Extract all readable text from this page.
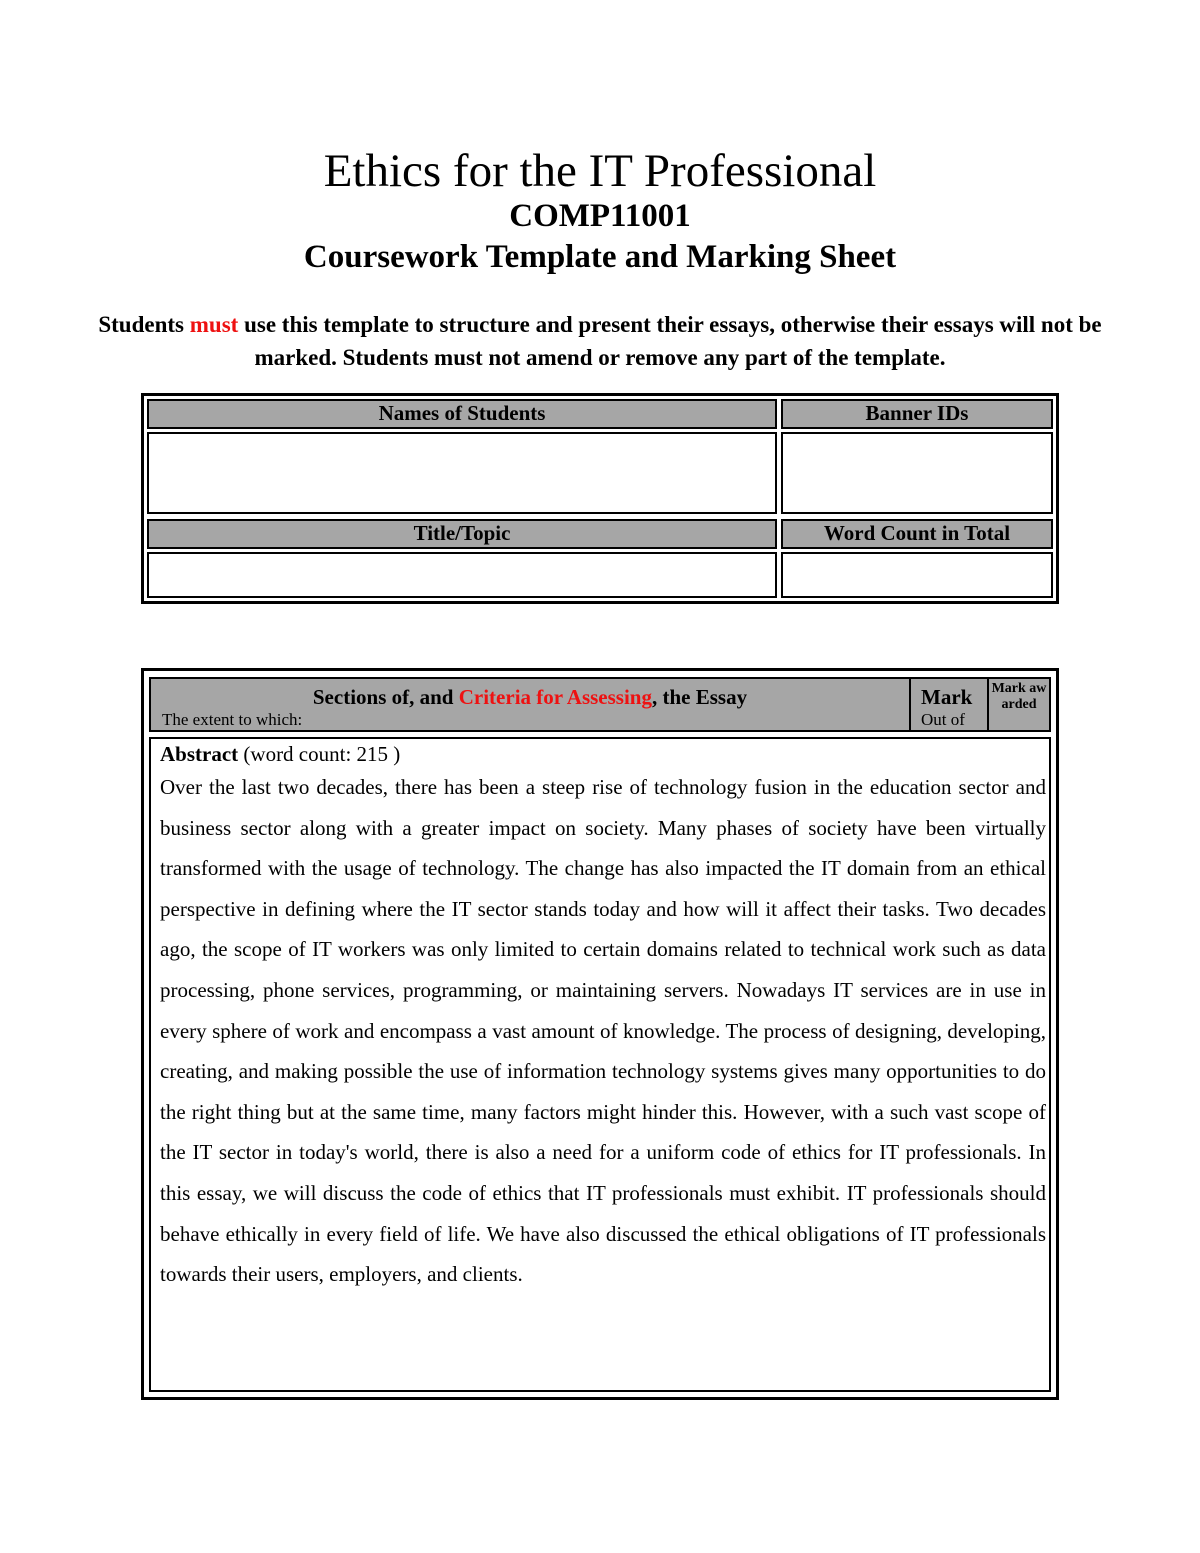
Ethics for the IT Professional
COMP11001
Coursework Template and Marking Sheet
Students must use this template to structure and present their essays, otherwise their essays will not be marked. Students must not amend or remove any part of the template.
Names of Students	Banner IDs
Title/Topic	Word Count in Total
Sections of, and Criteria for Assessing, the Essay
The extent to which:
Mark
Out of
Mark awarded
Abstract (word count: 215 )
Over the last two decades, there has been a steep rise of technology fusion in the education sector and business sector along with a greater impact on society. Many phases of society have been virtually transformed with the usage of technology. The change has also impacted the IT domain from an ethical perspective in defining where the IT sector stands today and how will it affect their tasks. Two decades ago, the scope of IT workers was only limited to certain domains related to technical work such as data processing, phone services, programming, or maintaining servers. Nowadays IT services are in use in every sphere of work and encompass a vast amount of knowledge. The process of designing, developing, creating, and making possible the use of information technology systems gives many opportunities to do the right thing but at the same time, many factors might hinder this. However, with a such vast scope of the IT sector in today's world, there is also a need for a uniform code of ethics for IT professionals. In this essay, we will discuss the code of ethics that IT professionals must exhibit. IT professionals should behave ethically in every field of life. We have also discussed the ethical obligations of IT professionals towards their users, employers, and clients.
